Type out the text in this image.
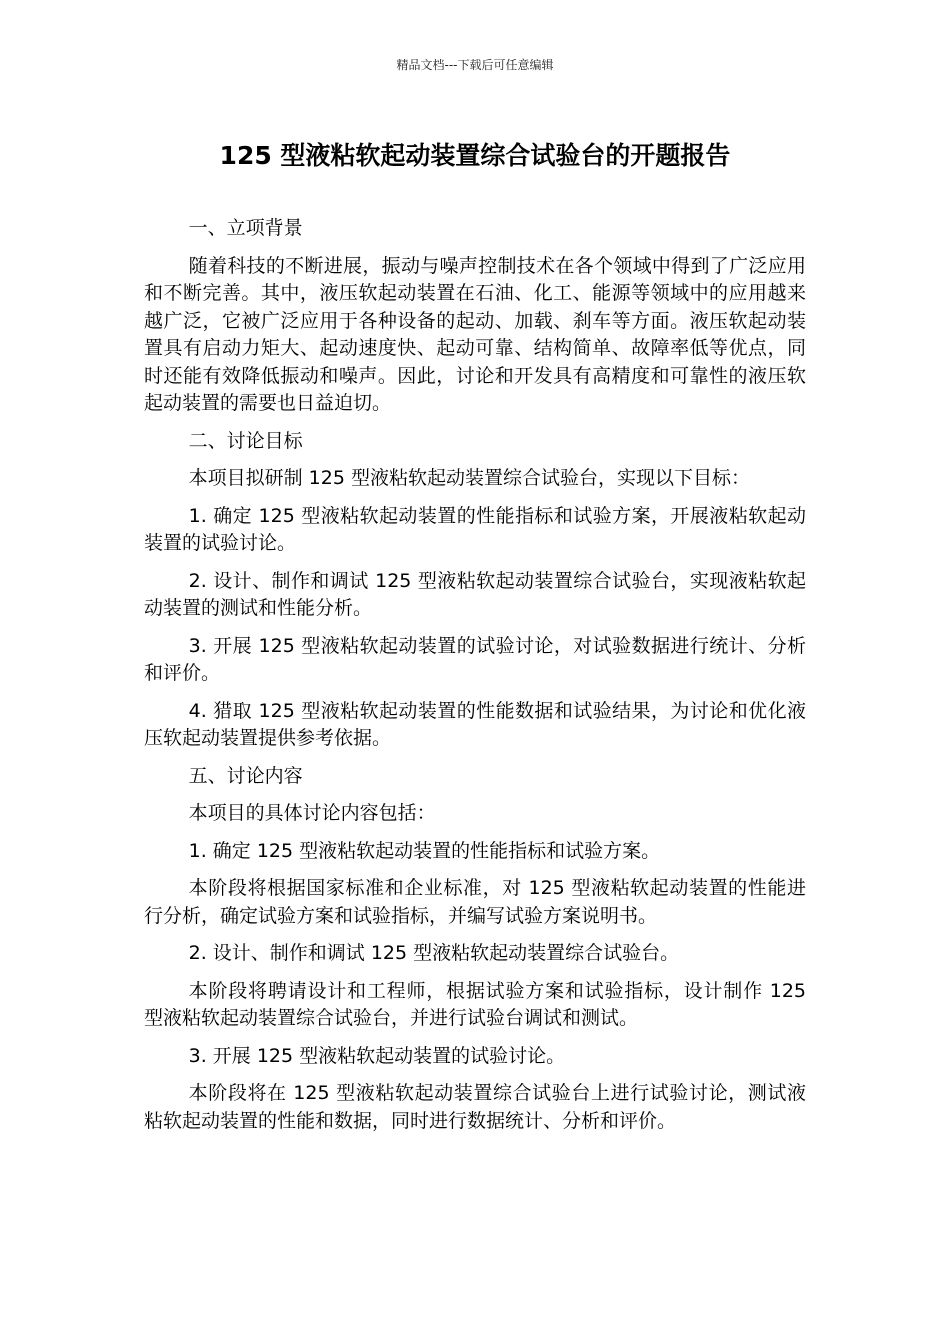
精品文档---下载后可任意编辑
125 型液粘软起动装置综合试验台的开题报告

一、立项背景

随着科技的不断进展，振动与噪声控制技术在各个领域中得到了广泛应用和不断完善。其中，液压软起动装置在石油、化工、能源等领域中的应用越来越广泛，它被广泛应用于各种设备的起动、加载、刹车等方面。液压软起动装置具有启动力矩大、起动速度快、起动可靠、结构简单、故障率低等优点，同时还能有效降低振动和噪声。因此，讨论和开发具有高精度和可靠性的液压软起动装置的需要也日益迫切。

二、讨论目标

本项目拟研制 125 型液粘软起动装置综合试验台，实现以下目标：

1. 确定 125 型液粘软起动装置的性能指标和试验方案，开展液粘软起动装置的试验讨论。

2. 设计、制作和调试 125 型液粘软起动装置综合试验台，实现液粘软起动装置的测试和性能分析。

3. 开展 125 型液粘软起动装置的试验讨论，对试验数据进行统计、分析和评价。

4. 猎取 125 型液粘软起动装置的性能数据和试验结果，为讨论和优化液压软起动装置提供参考依据。

五、讨论内容

本项目的具体讨论内容包括：

1. 确定 125 型液粘软起动装置的性能指标和试验方案。

本阶段将根据国家标准和企业标准，对 125 型液粘软起动装置的性能进行分析，确定试验方案和试验指标，并编写试验方案说明书。

2. 设计、制作和调试 125 型液粘软起动装置综合试验台。

本阶段将聘请设计和工程师，根据试验方案和试验指标，设计制作 125 型液粘软起动装置综合试验台，并进行试验台调试和测试。

3. 开展 125 型液粘软起动装置的试验讨论。

本阶段将在 125 型液粘软起动装置综合试验台上进行试验讨论，测试液粘软起动装置的性能和数据，同时进行数据统计、分析和评价。
